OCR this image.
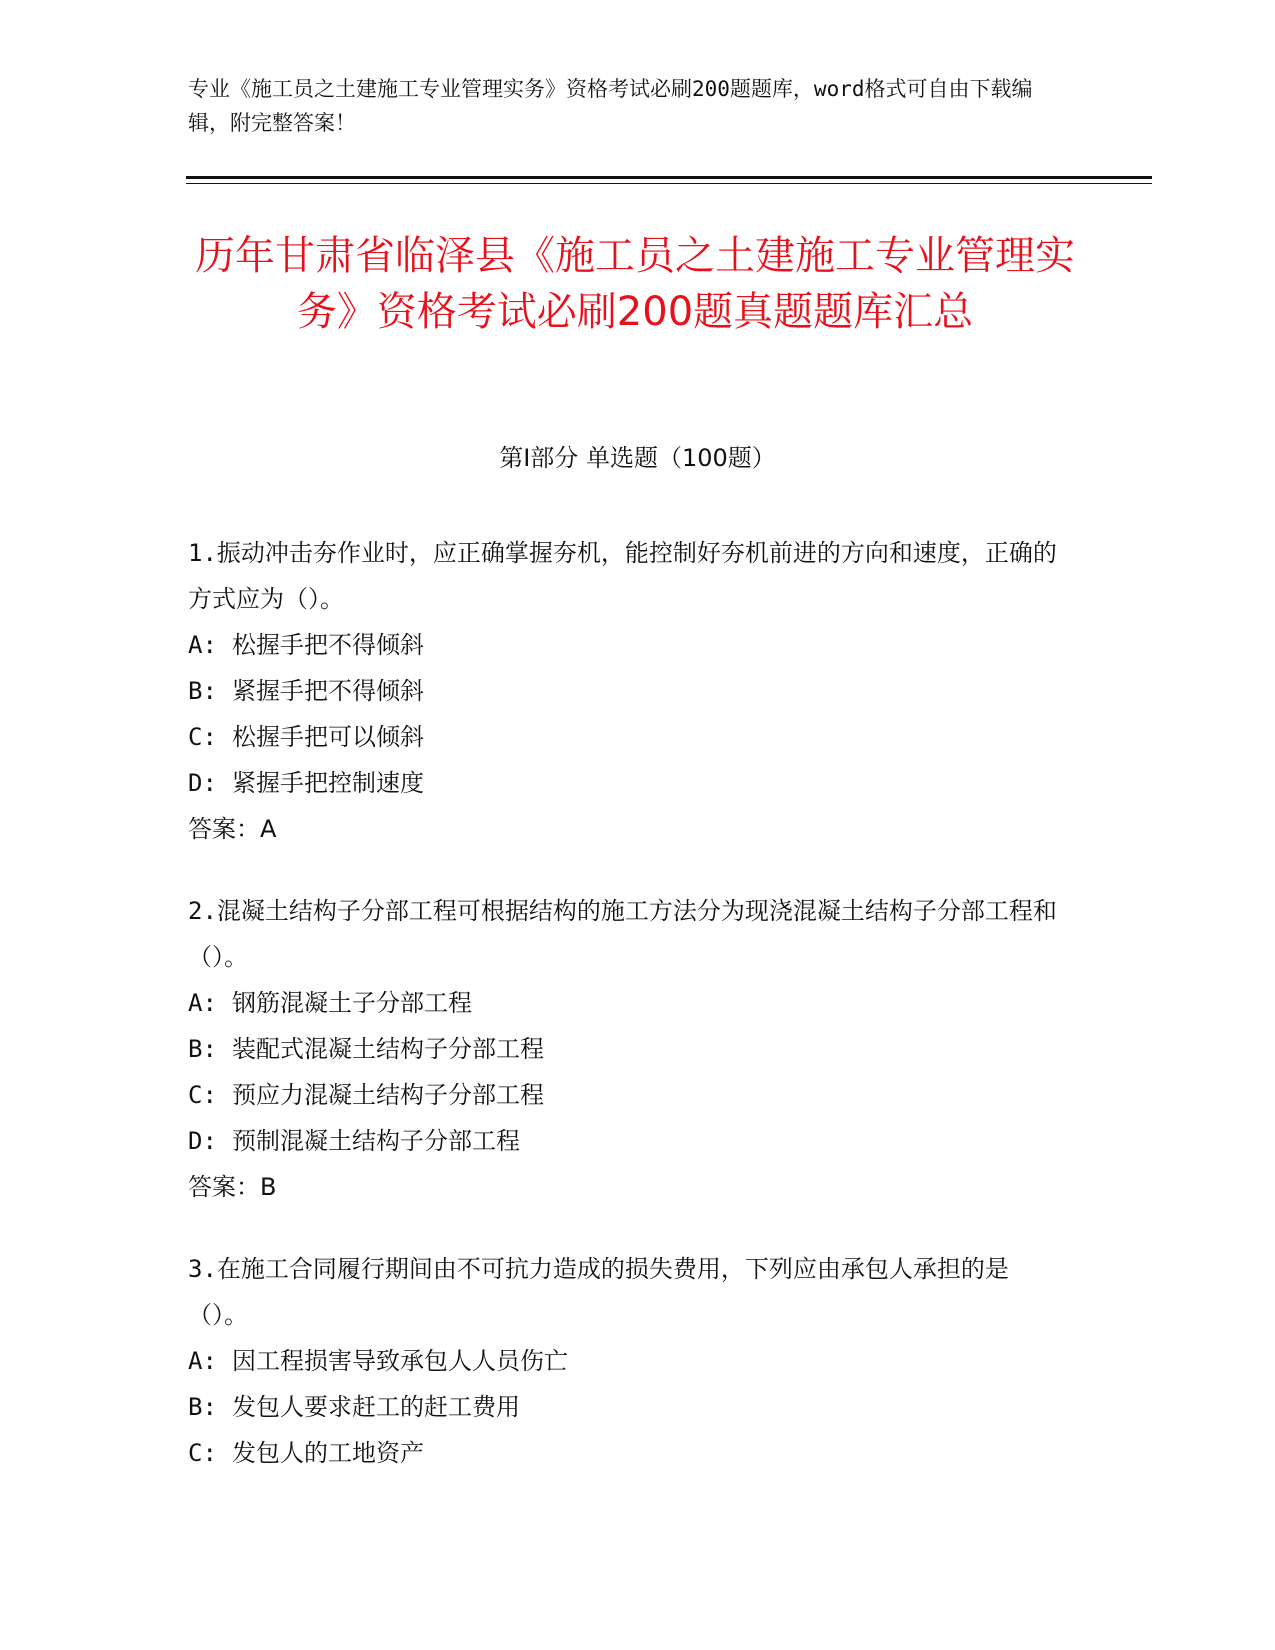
专业《施工员之土建施工专业管理实务》资格考试必刷200题题库，word格式可自由下载编辑，附完整答案！
历年甘肃省临泽县《施工员之土建施工专业管理实务》资格考试必刷200题真题题库汇总
第Ⅰ部分 单选题（100题）

1.振动冲击夯作业时，应正确掌握夯机，能控制好夯机前进的方向和速度，正确的方式应为（）。

A: 松握手把不得倾斜
B: 紧握手把不得倾斜
C: 松握手把可以倾斜
D: 紧握手把控制速度
答案：A

2.混凝土结构子分部工程可根据结构的施工方法分为现浇混凝土结构子分部工程和（）。

A: 钢筋混凝土子分部工程
B: 装配式混凝土结构子分部工程
C: 预应力混凝土结构子分部工程
D: 预制混凝土结构子分部工程
答案：B

3.在施工合同履行期间由不可抗力造成的损失费用，下列应由承包人承担的是（）。

A: 因工程损害导致承包人人员伤亡
B: 发包人要求赶工的赶工费用
C: 发包人的工地资产
